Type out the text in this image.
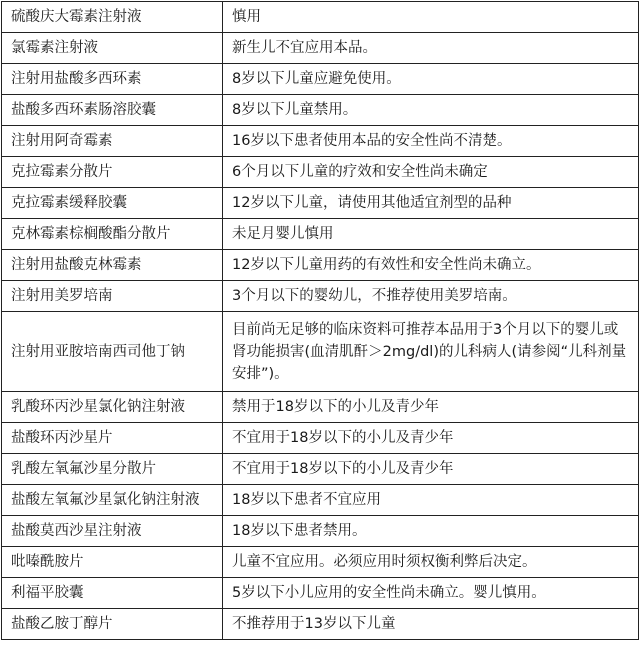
硫酸庆大霉素注射液	慎用
氯霉素注射液	新生儿不宜应用本品。
注射用盐酸多西环素	8岁以下儿童应避免使用。
盐酸多西环素肠溶胶囊	8岁以下儿童禁用。
注射用阿奇霉素	16岁以下患者使用本品的安全性尚不清楚。
克拉霉素分散片	6个月以下儿童的疗效和安全性尚未确定
克拉霉素缓释胶囊	12岁以下儿童，请使用其他适宜剂型的品种
克林霉素棕榈酸酯分散片	未足月婴儿慎用
注射用盐酸克林霉素	12岁以下儿童用药的有效性和安全性尚未确立。
注射用美罗培南	3个月以下的婴幼儿，不推荐使用美罗培南。
注射用亚胺培南西司他丁钠	目前尚无足够的临床资料可推荐本品用于3个月以下的婴儿或肾功能损害(血清肌酐＞2mg/dl)的儿科病人(请参阅“儿科剂量安排”)。
乳酸环丙沙星氯化钠注射液	禁用于18岁以下的小儿及青少年
盐酸环丙沙星片	不宜用于18岁以下的小儿及青少年
乳酸左氧氟沙星分散片	不宜用于18岁以下的小儿及青少年
盐酸左氧氟沙星氯化钠注射液	18岁以下患者不宜应用
盐酸莫西沙星注射液	18岁以下患者禁用。
吡嗪酰胺片	儿童不宜应用。必须应用时须权衡利弊后决定。
利福平胶囊	5岁以下小儿应用的安全性尚未确立。婴儿慎用。
盐酸乙胺丁醇片	不推荐用于13岁以下儿童
